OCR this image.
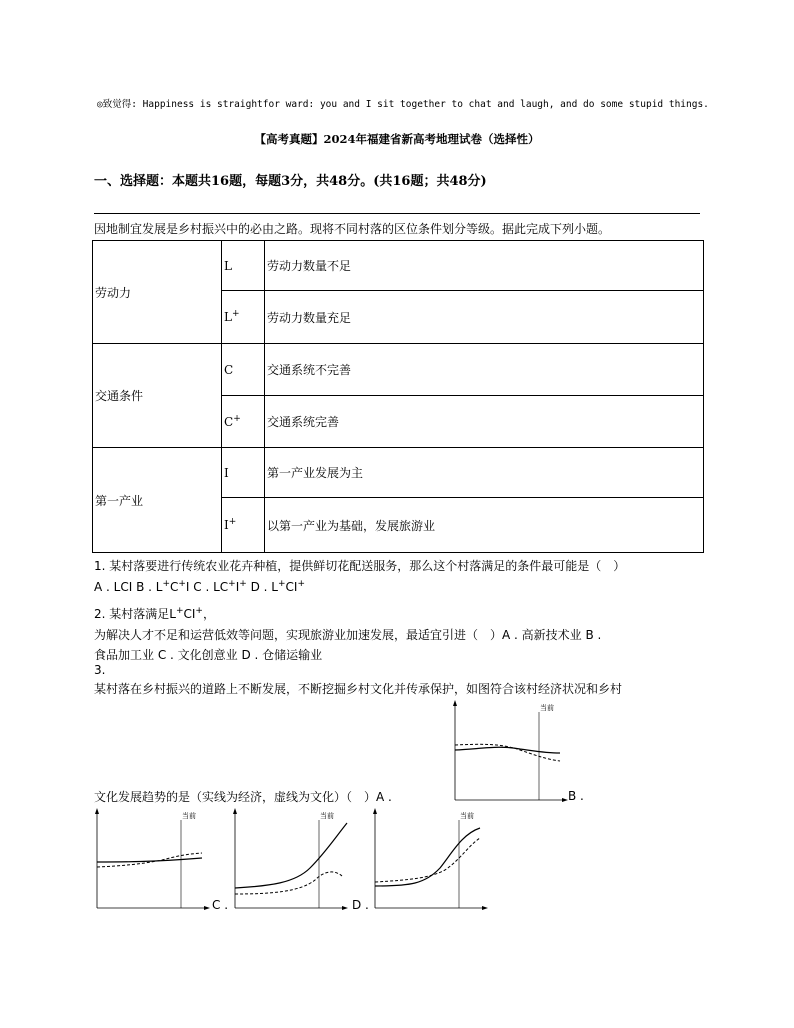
◎致觉得: Happiness is straightfor ward: you and I sit together to chat and laugh, and do some stupid things.
【高考真题】2024年福建省新高考地理试卷（选择性）
一、选择题：本题共16题，每题3分，共48分。(共16题；共48分)
因地制宜发展是乡村振兴中的必由之路。现将不同村落的区位条件划分等级。据此完成下列小题。
劳动力	L	劳动力数量不足
	L+	劳动力数量充足
交通条件	C	交通系统不完善
	C+	交通系统完善
第一产业	I	第一产业发展为主
	I+	以第一产业为基础，发展旅游业
1. 某村落要进行传统农业花卉种植，提供鲜切花配送服务，那么这个村落满足的条件最可能是（　）
A . LCI B . L+C+I C . LC+I+ D . L+CI+
2. 某村落满足L+CI+，
为解决人才不足和运营低效等问题，实现旅游业加速发展，最适宜引进（　）A . 高新技术业 B .
食品加工业 C . 文化创意业 D . 仓储运输业
3.
某村落在乡村振兴的道路上不断发展，不断挖掘乡村文化并传承保护，如图符合该村经济状况和乡村
文化发展趋势的是（实线为经济，虚线为文化）（　）A .	B .
C .	D .
当前
当前	当前	当前
